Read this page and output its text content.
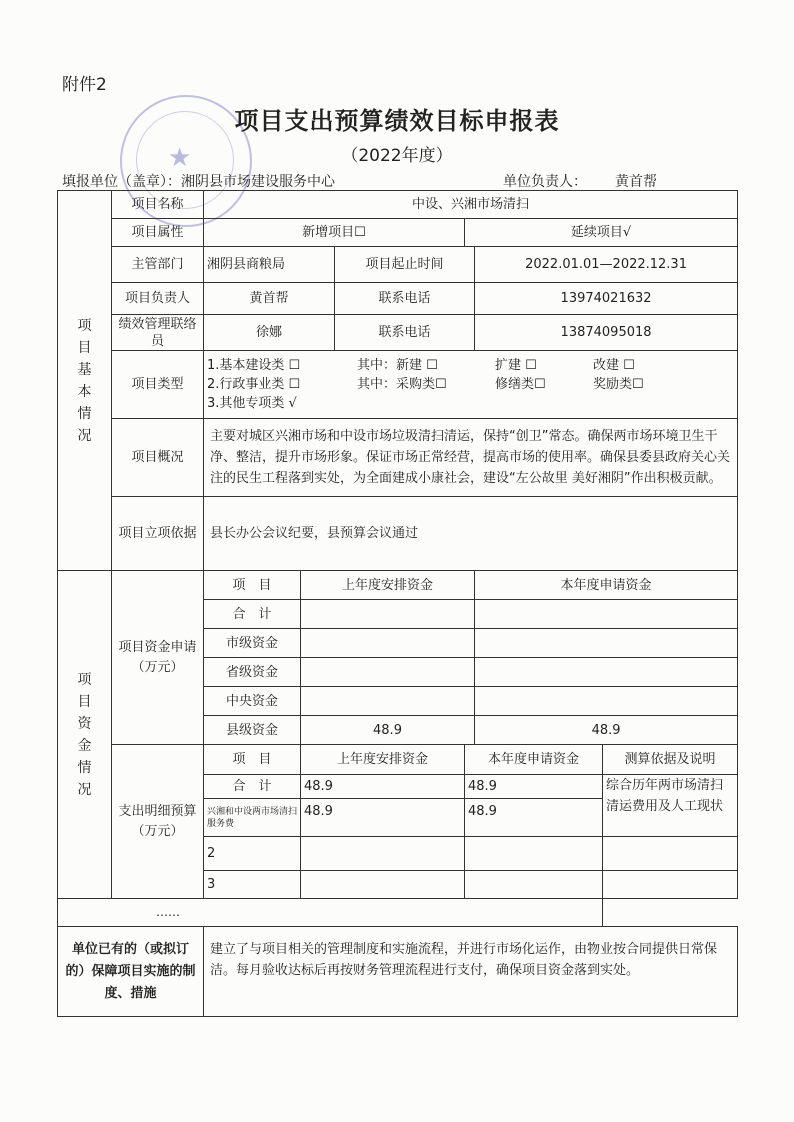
附件2
★
项目支出预算绩效目标申报表
（2022年度）
填报单位（盖章）：湘阴县市场建设服务中心	单位负责人： 黄首帮
项目基本情况	项目名称	中设、兴湘市场清扫					
	项目属性	新增项目☐			延续项目√		
	主管部门	湘阴县商粮局		项目起止时间		2022.01.01—2022.12.31	
	项目负责人	黄首帮		联系电话		13974021632	
	绩效管理联络员	徐娜		联系电话		13874095018	
	项目类型	1.基本建设类 ☐ 其中：新建 ☐ 扩建 ☐ 改建 ☐
2.行政事业类 ☐ 其中：采购类☐ 修缮类☐ 奖励类☐
3.其他专项类 √					

	项目概况	主要对城区兴湘市场和中设市场垃圾清扫清运，保持“创卫”常态。确保两市场环境卫生干净、整洁，提升市场形象。保证市场正常经营，提高市场的使用率。确保县委县政府关心关注的民生工程落到实处，为全面建成小康社会，建设“左公故里 美好湘阴”作出积极贡献。					
	项目立项依据	县长办公会议纪要，县预算会议通过					

项目资金情况	项目资金申请（万元）	项　目	上年度安排资金			本年度申请资金	
		合　计					
		市级资金					
		省级资金					
		中央资金					
		县级资金	48.9			48.9	
	支出明细预算（万元）	项　目	上年度安排资金		本年度申请资金		测算依据及说明
		合　计	48.9		48.9		综合历年两市场清扫清运费用及人工现状
		兴湘和中设两市场清扫服务费	48.9		48.9		
		2					
		3					
……							
单位已有的（或拟订的）保障项目实施的制度、措施		建立了与项目相关的管理制度和实施流程，并进行市场化运作，由物业按合同提供日常保洁。每月验收达标后再按财务管理流程进行支付，确保项目资金落到实处。					
